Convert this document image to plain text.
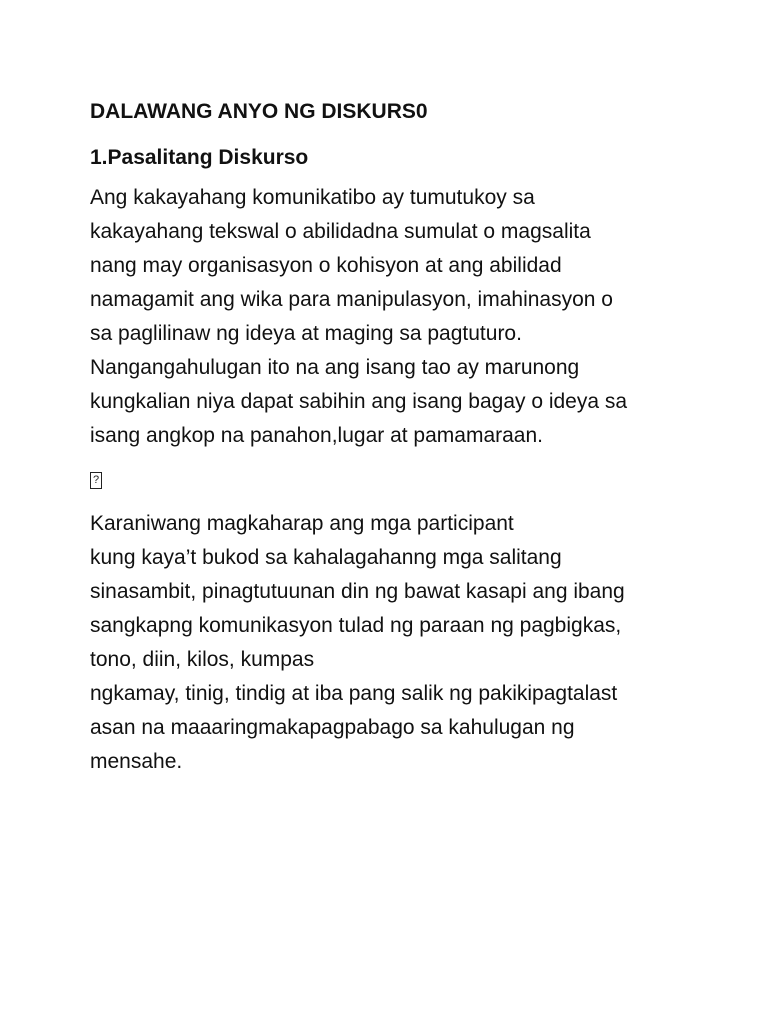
DALAWANG ANYO NG DISKURS0
1.Pasalitang Diskurso
Ang kakayahang komunikatibo ay tumutukoy sa
kakayahang tekswal o abilidadna sumulat o magsalita
nang may organisasyon o kohisyon at ang abilidad
namagamit ang wika para manipulasyon, imahinasyon o
sa paglilinaw ng ideya at maging sa pagtuturo.
Nangangahulugan ito na ang isang tao ay marunong
kungkalian niya dapat sabihin ang isang bagay o ideya sa
isang angkop na panahon,lugar at pamamaraan.
?
Karaniwang magkaharap ang mga participant
kung kaya’t bukod sa kahalagahanng mga salitang
sinasambit, pinagtutuunan din ng bawat kasapi ang ibang
sangkapng komunikasyon tulad ng paraan ng pagbigkas,
tono, diin, kilos, kumpas
ngkamay, tinig, tindig at iba pang salik ng pakikipagtalast
asan na maaaringmakapagpabago sa kahulugan ng
mensahe.
